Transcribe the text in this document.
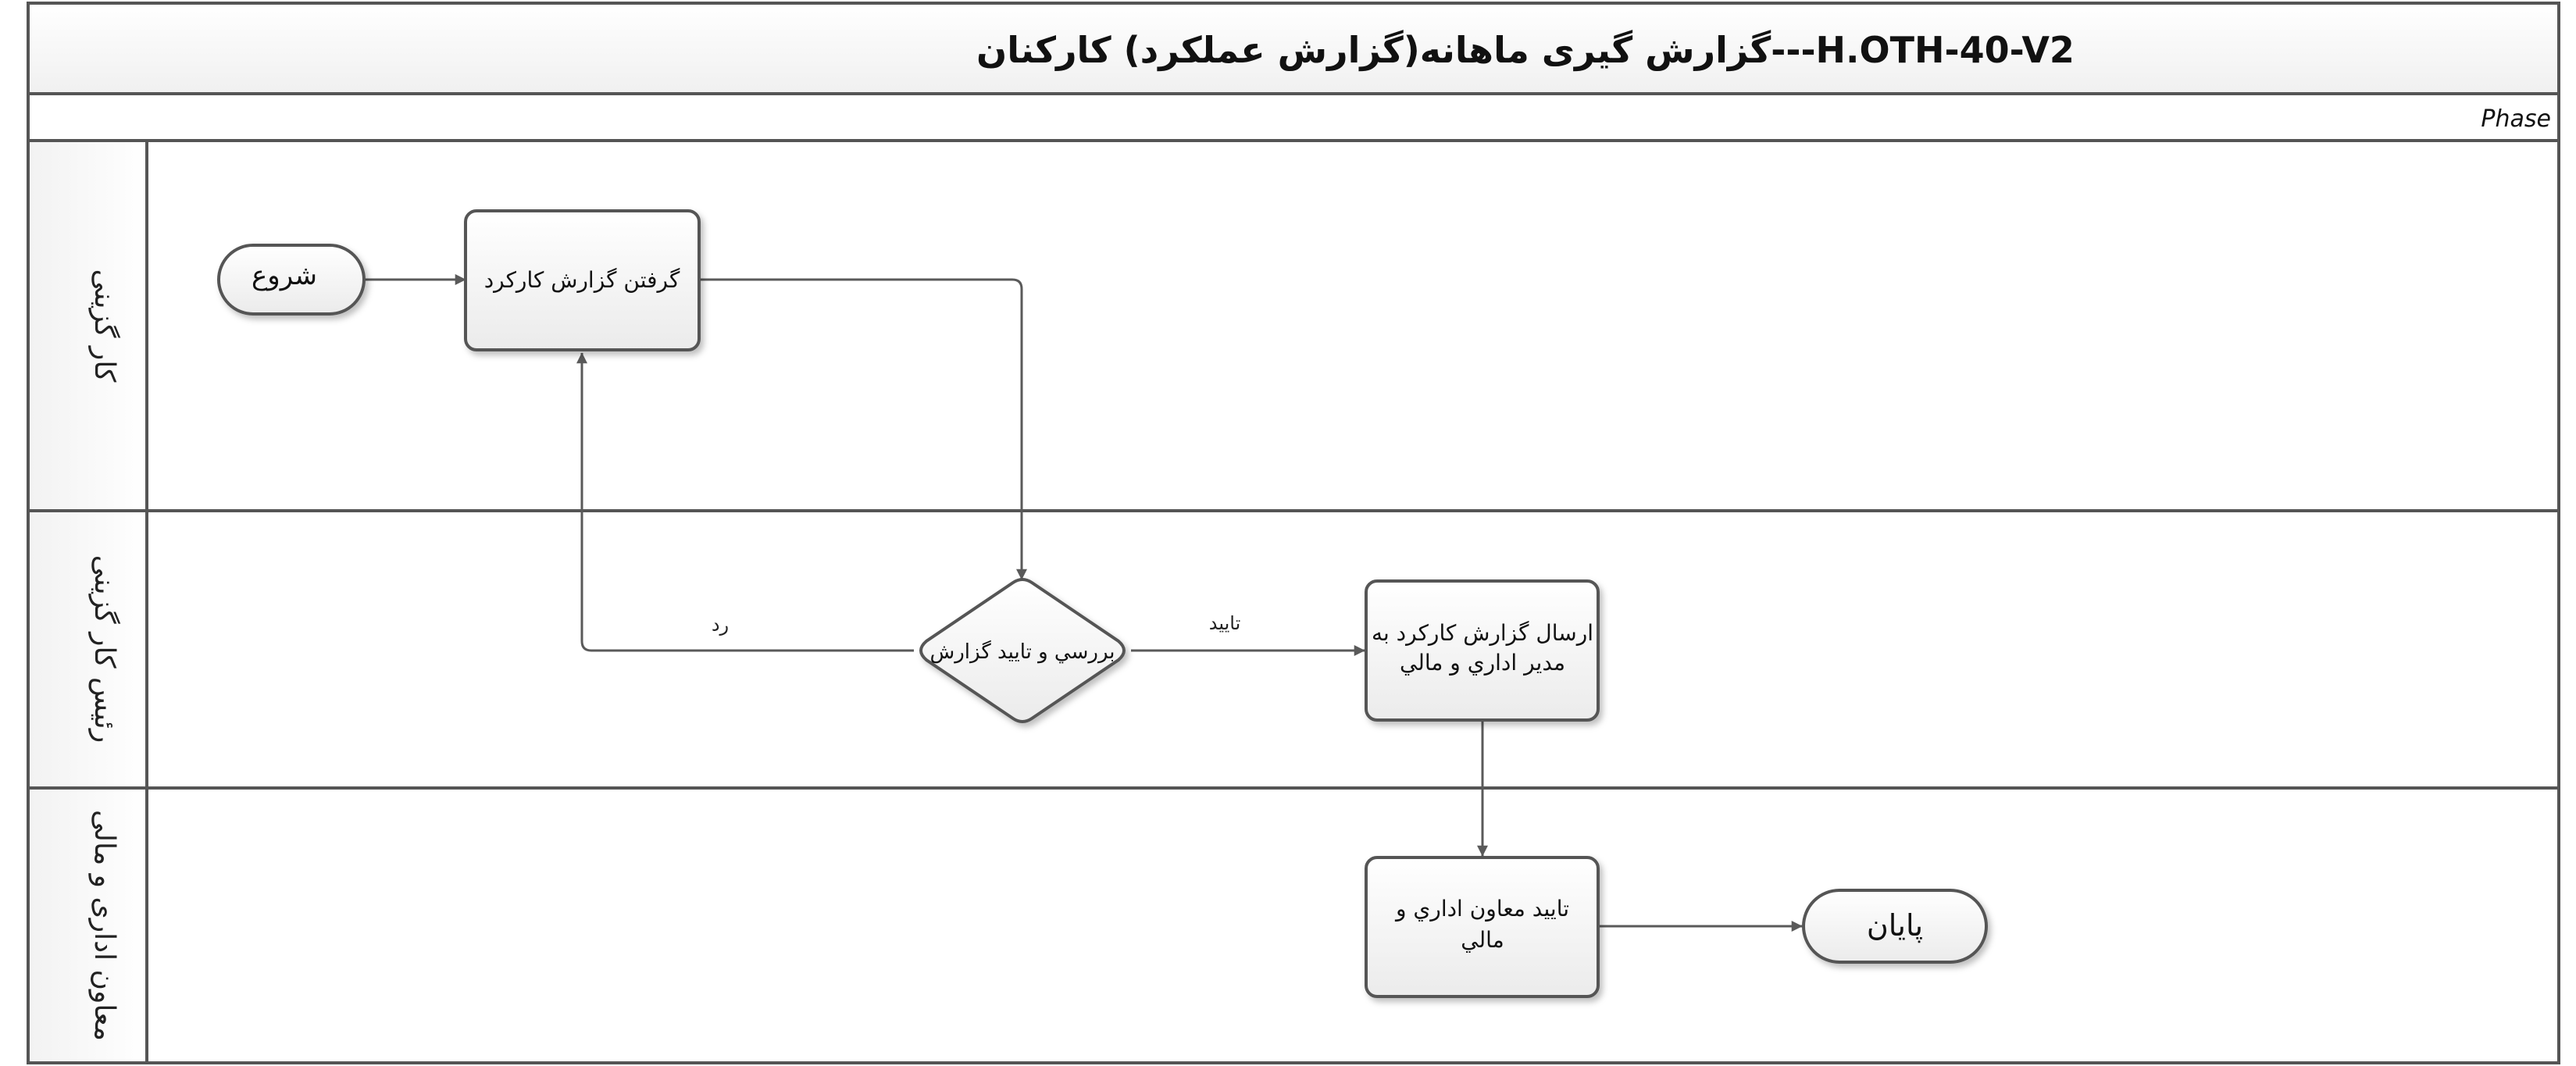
H.OTH-40-V2---گزارش گیری ماهانه(گزارش عملکرد) کارکنان
Phase
کار گزینی
رئیس کار گزینی
معاون اداری و مالی
رد	تاييد
شروع	گرفتن گزارش کارکرد
بررسي و تاييد گزارش
ارسال گزارش کارکرد به
مدير اداري و مالي
تاييد معاون اداري و
مالي	پايان
